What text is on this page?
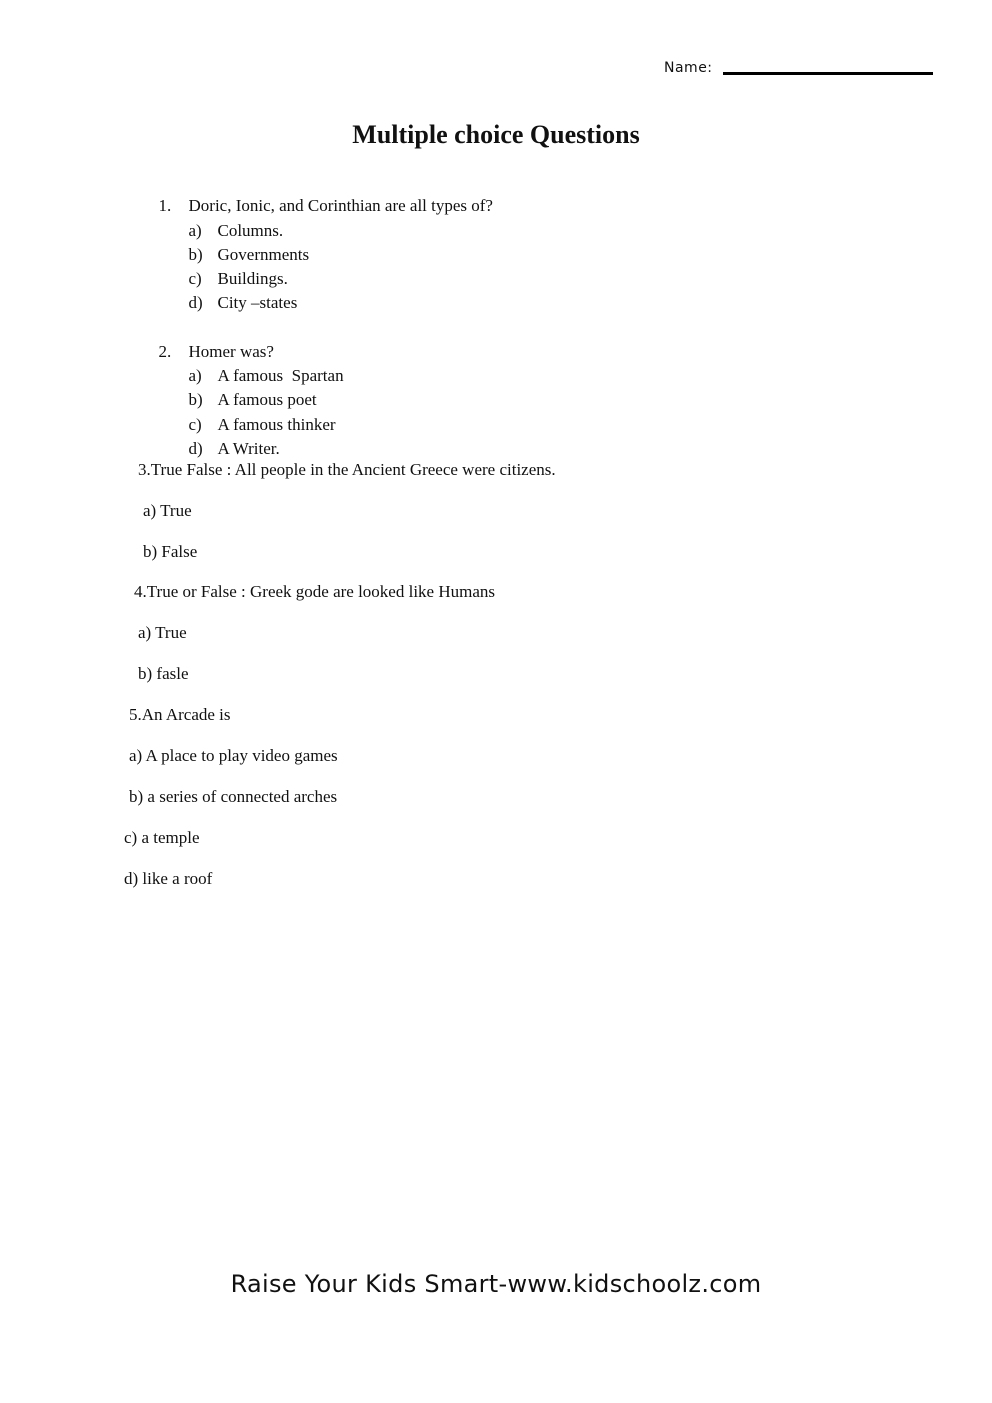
Name:
Multiple choice Questions

1. Doric, Ionic, and Corinthian are all types of?

a) Columns.

b) Governments

c) Buildings.

d) City –states

2. Homer was?

a) A famous  Spartan

b) A famous poet

c) A famous thinker

d) A Writer.

3.True False : All people in the Ancient Greece were citizens.
a) True
b) False
4.True or False : Greek gode are looked like Humans
a) True
b) fasle
5.An Arcade is
a) A place to play video games
b) a series of connected arches
c) a temple
d) like a roof
Raise Your Kids Smart-www.kidschoolz.com
